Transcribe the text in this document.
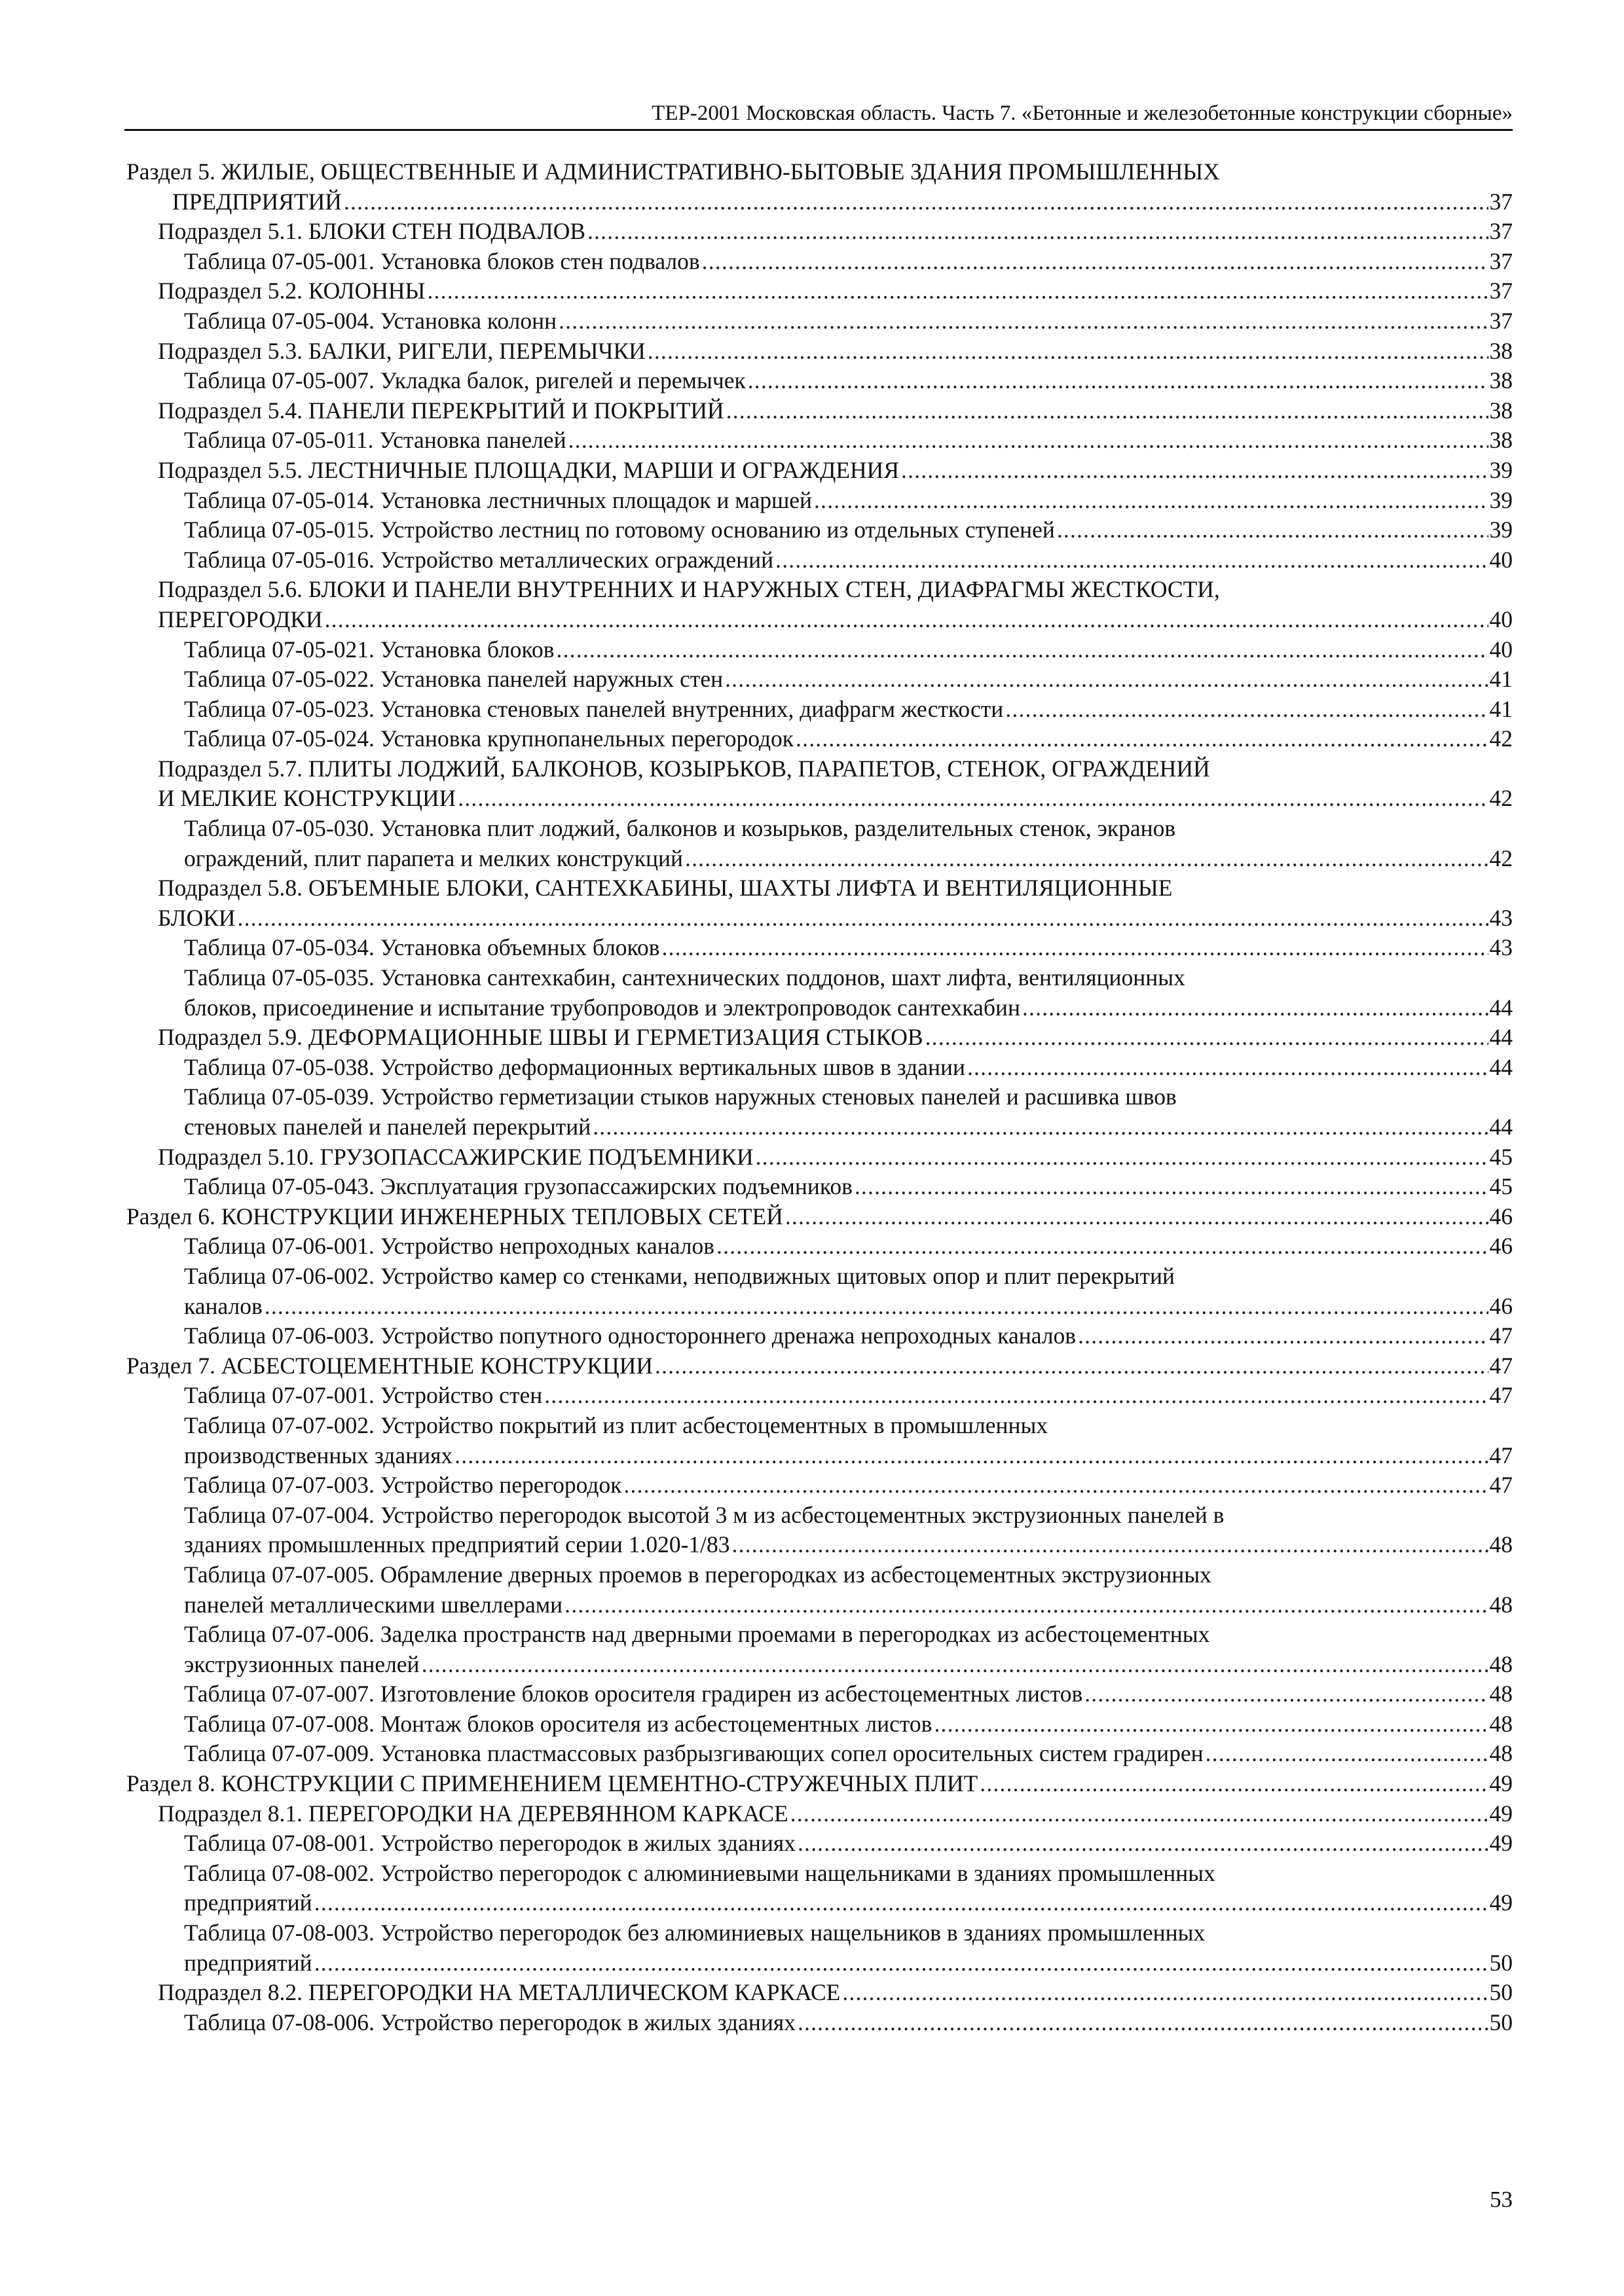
ТЕР-2001 Московская область. Часть 7. «Бетонные и железобетонные конструкции сборные»
Раздел 5. ЖИЛЫЕ, ОБЩЕСТВЕННЫЕ И АДМИНИСТРАТИВНО-БЫТОВЫЕ ЗДАНИЯ ПРОМЫШЛЕННЫХ
ПРЕДПРИЯТИЙ .....	37
Подраздел 5.1. БЛОКИ СТЕН ПОДВАЛОВ .....	37
Таблица 07-05-001. Установка блоков стен подвалов .....	37
Подраздел 5.2. КОЛОННЫ .....	37
Таблица 07-05-004. Установка колонн .....	37
Подраздел 5.3. БАЛКИ, РИГЕЛИ, ПЕРЕМЫЧКИ .....	38
Таблица 07-05-007. Укладка балок, ригелей и перемычек .....	38
Подраздел 5.4. ПАНЕЛИ ПЕРЕКРЫТИЙ И ПОКРЫТИЙ .....	38
Таблица 07-05-011. Установка панелей .....	38
Подраздел 5.5. ЛЕСТНИЧНЫЕ ПЛОЩАДКИ, МАРШИ И ОГРАЖДЕНИЯ .....	39
Таблица 07-05-014. Установка лестничных площадок и маршей .....	39
Таблица 07-05-015. Устройство лестниц по готовому основанию из отдельных ступеней .....	39
Таблица 07-05-016. Устройство металлических ограждений .....	40
Подраздел 5.6. БЛОКИ И ПАНЕЛИ ВНУТРЕННИХ И НАРУЖНЫХ СТЕН, ДИАФРАГМЫ ЖЕСТКОСТИ,
ПЕРЕГОРОДКИ .....	40
Таблица 07-05-021. Установка блоков .....	40
Таблица 07-05-022. Установка панелей наружных стен .....	41
Таблица 07-05-023. Установка стеновых панелей внутренних, диафрагм жесткости .....	41
Таблица 07-05-024. Установка крупнопанельных перегородок .....	42
Подраздел 5.7. ПЛИТЫ ЛОДЖИЙ, БАЛКОНОВ, КОЗЫРЬКОВ, ПАРАПЕТОВ, СТЕНОК, ОГРАЖДЕНИЙ
И МЕЛКИЕ КОНСТРУКЦИИ .....	42
Таблица 07-05-030. Установка плит лоджий, балконов и козырьков, разделительных стенок, экранов
ограждений, плит парапета и мелких конструкций .....	42
Подраздел 5.8. ОБЪЕМНЫЕ БЛОКИ, САНТЕХКАБИНЫ, ШАХТЫ ЛИФТА И ВЕНТИЛЯЦИОННЫЕ
БЛОКИ .....	43
Таблица 07-05-034. Установка объемных блоков .....	43
Таблица 07-05-035. Установка сантехкабин, сантехнических поддонов, шахт лифта, вентиляционных
блоков, присоединение и испытание трубопроводов и электропроводок сантехкабин .....	44
Подраздел 5.9. ДЕФОРМАЦИОННЫЕ ШВЫ И ГЕРМЕТИЗАЦИЯ СТЫКОВ .....	44
Таблица 07-05-038. Устройство деформационных вертикальных швов в здании .....	44
Таблица 07-05-039. Устройство герметизации стыков наружных стеновых панелей и расшивка швов
стеновых панелей и панелей перекрытий .....	44
Подраздел 5.10. ГРУЗОПАССАЖИРСКИЕ ПОДЪЕМНИКИ .....	45
Таблица 07-05-043. Эксплуатация грузопассажирских подъемников .....	45
Раздел 6. КОНСТРУКЦИИ ИНЖЕНЕРНЫХ ТЕПЛОВЫХ СЕТЕЙ .....	46
Таблица 07-06-001. Устройство непроходных каналов .....	46
Таблица 07-06-002. Устройство камер со стенками, неподвижных щитовых опор и плит перекрытий
каналов .....	46
Таблица 07-06-003. Устройство попутного одностороннего дренажа непроходных каналов .....	47
Раздел 7. АСБЕСТОЦЕМЕНТНЫЕ КОНСТРУКЦИИ .....	47
Таблица 07-07-001. Устройство стен .....	47
Таблица 07-07-002. Устройство покрытий из плит асбестоцементных в промышленных
производственных зданиях .....	47
Таблица 07-07-003. Устройство перегородок .....	47
Таблица 07-07-004. Устройство перегородок высотой 3 м из асбестоцементных экструзионных панелей в
зданиях промышленных предприятий серии 1.020-1/83 .....	48
Таблица 07-07-005. Обрамление дверных проемов в перегородках из асбестоцементных экструзионных
панелей металлическими швеллерами .....	48
Таблица 07-07-006. Заделка пространств над дверными проемами в перегородках из асбестоцементных
экструзионных панелей .....	48
Таблица 07-07-007. Изготовление блоков оросителя градирен из асбестоцементных листов .....	48
Таблица 07-07-008. Монтаж блоков оросителя из асбестоцементных листов .....	48
Таблица 07-07-009. Установка пластмассовых разбрызгивающих сопел оросительных систем градирен .....	48
Раздел 8. КОНСТРУКЦИИ С ПРИМЕНЕНИЕМ ЦЕМЕНТНО-СТРУЖЕЧНЫХ ПЛИТ .....	49
Подраздел 8.1. ПЕРЕГОРОДКИ НА ДЕРЕВЯННОМ КАРКАСЕ .....	49
Таблица 07-08-001. Устройство перегородок в жилых зданиях .....	49
Таблица 07-08-002. Устройство перегородок с алюминиевыми нащельниками в зданиях промышленных
предприятий .....	49
Таблица 07-08-003. Устройство перегородок без алюминиевых нащельников в зданиях промышленных
предприятий .....	50
Подраздел 8.2. ПЕРЕГОРОДКИ НА МЕТАЛЛИЧЕСКОМ КАРКАСЕ .....	50
Таблица 07-08-006. Устройство перегородок в жилых зданиях .....	50
53
